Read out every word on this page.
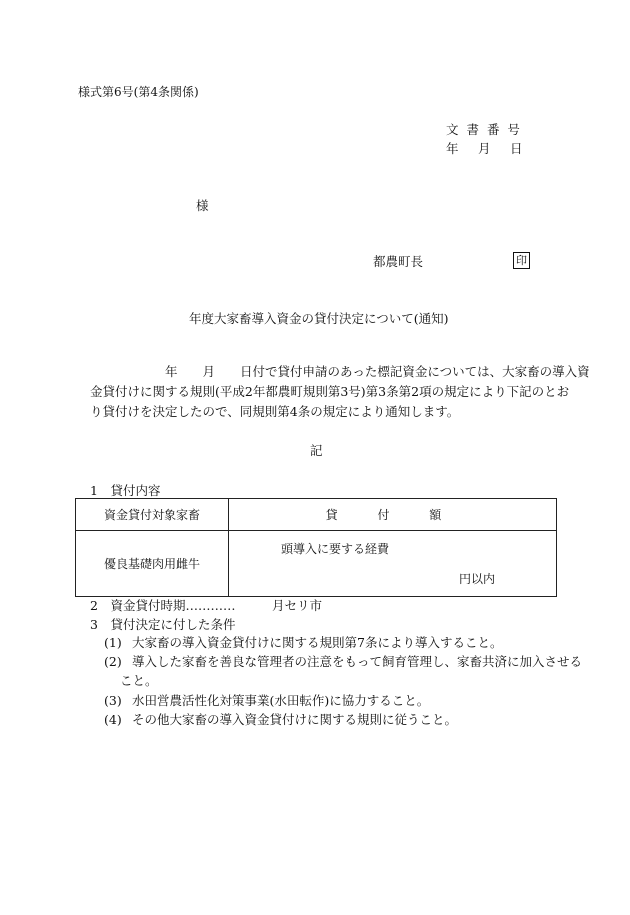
様式第6号(第4条関係)
文 書 番 号
年 　月 　日
様
都農町長	印
年度大家畜導入資金の貸付決定について(通知)
　　　　　　年　　月　　日付で貸付申請のあった標記資金については、大家畜の導入資
金貸付けに関する規則(平成2年都農町規則第3号)第3条第2項の規定により下記のとお
り貸付けを決定したので、同規則第4条の規定により通知します。
記
1　貸付内容
資金貸付対象家畜	貸 付 額
優良基礎肉用雌牛	頭導入に要する経費
円以内
2　資金貸付時期…………	月セリ市
3　貸付決定に付した条件
(1) 大家畜の導入資金貸付けに関する規則第7条により導入すること。
(2) 導入した家畜を善良な管理者の注意をもって飼育管理し、家畜共済に加入させる
こと。
(3) 水田営農活性化対策事業(水田転作)に協力すること。
(4) その他大家畜の導入資金貸付けに関する規則に従うこと。
